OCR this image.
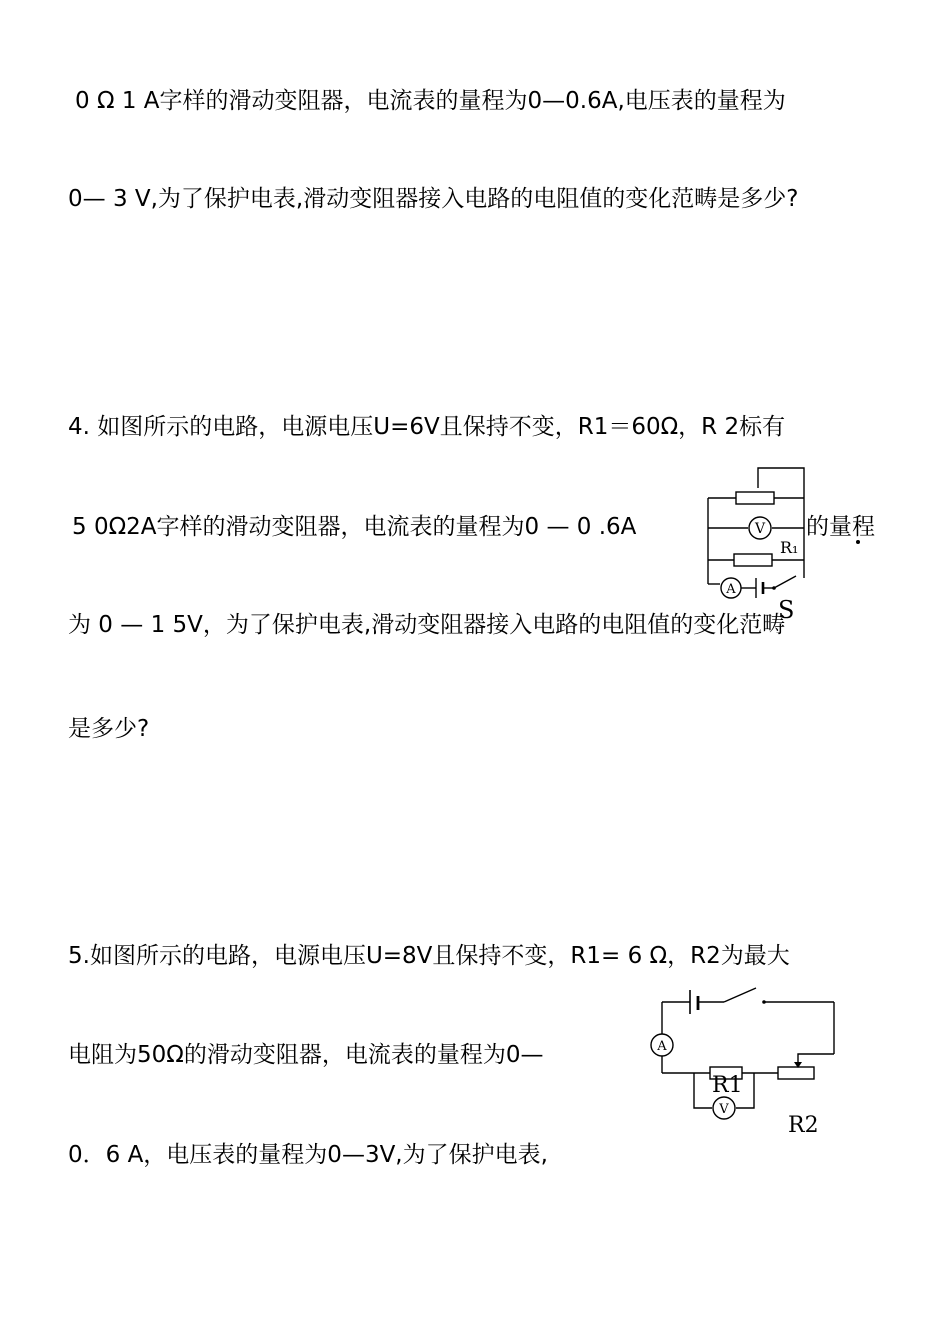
0 Ω 1 A字样的滑动变阻器，电流表的量程为0—0.6A,电压表的量程为
0— 3 V,为了保护电表,滑动变阻器接入电路的电阻值的变化范畴是多少?
4. 如图所示的电路，电源电压U=6V且保持不变，R1＝60Ω，R 2标有
5 0Ω2A字样的滑动变阻器，电流表的量程为0 — 0 .6A	的量程
为 0 — 1 5V，为了保护电表,滑动变阻器接入电路的电阻值的变化范畴
是多少?
V
A
R₁
S
5.如图所示的电路，电源电压U=8V且保持不变，R1= 6 Ω，R2为最大
电阻为50Ω的滑动变阻器，电流表的量程为0—
0．6 A，电压表的量程为0—3V,为了保护电表,
A
V
R1
R2
